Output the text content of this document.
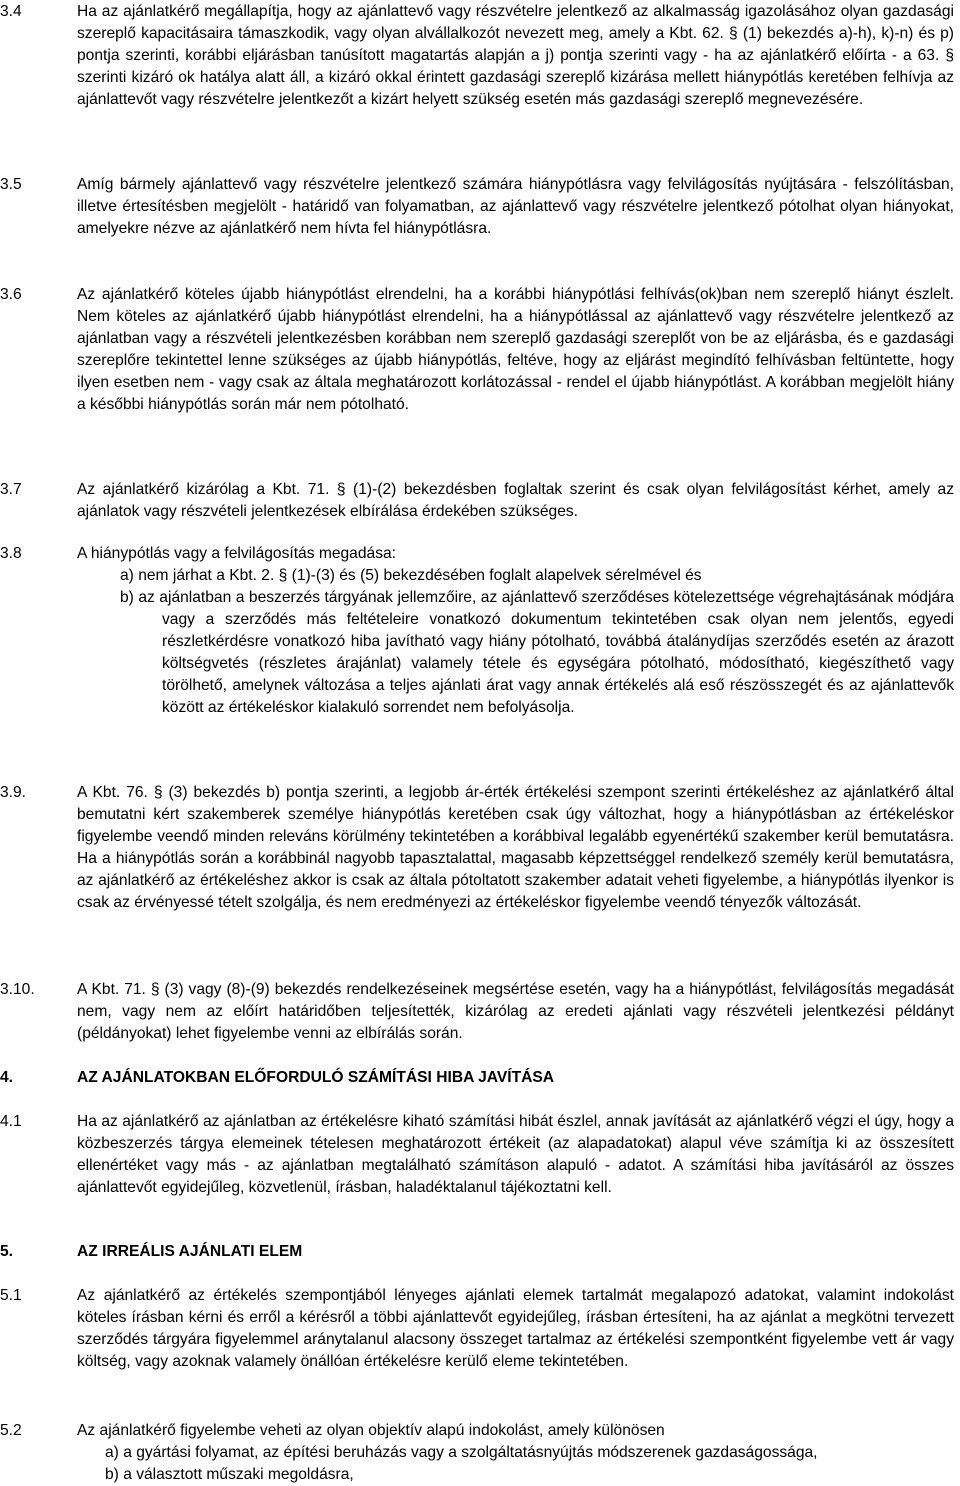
3.4	Ha az ajánlatkérő megállapítja, hogy az ajánlattevő vagy részvételre jelentkező az alkalmasság igazolásához olyan gazdasági szereplő kapacitásaira támaszkodik, vagy olyan alvállalkozót nevezett meg, amely a Kbt. 62. § (1) bekezdés a)-h), k)-n) és p) pontja szerinti, korábbi eljárásban tanúsított magatartás alapján a j) pontja szerinti vagy - ha az ajánlatkérő előírta - a 63. § szerinti kizáró ok hatálya alatt áll, a kizáró okkal érintett gazdasági szereplő kizárása mellett hiánypótlás keretében felhívja az ajánlattevőt vagy részvételre jelentkezőt a kizárt helyett szükség esetén más gazdasági szereplő megnevezésére.
3.5	Amíg bármely ajánlattevő vagy részvételre jelentkező számára hiánypótlásra vagy felvilágosítás nyújtására - felszólításban, illetve értesítésben megjelölt - határidő van folyamatban, az ajánlattevő vagy részvételre jelentkező pótolhat olyan hiányokat, amelyekre nézve az ajánlatkérő nem hívta fel hiánypótlásra.
3.6	Az ajánlatkérő köteles újabb hiánypótlást elrendelni, ha a korábbi hiánypótlási felhívás(ok)ban nem szereplő hiányt észlelt. Nem köteles az ajánlatkérő újabb hiánypótlást elrendelni, ha a hiánypótlással az ajánlattevő vagy részvételre jelentkező az ajánlatban vagy a részvételi jelentkezésben korábban nem szereplő gazdasági szereplőt von be az eljárásba, és e gazdasági szereplőre tekintettel lenne szükséges az újabb hiánypótlás, feltéve, hogy az eljárást megindító felhívásban feltüntette, hogy ilyen esetben nem - vagy csak az általa meghatározott korlátozással - rendel el újabb hiánypótlást. A korábban megjelölt hiány a későbbi hiánypótlás során már nem pótolható.
3.7	Az ajánlatkérő kizárólag a Kbt. 71. § (1)-(2) bekezdésben foglaltak szerint és csak olyan felvilágosítást kérhet, amely az ajánlatok vagy részvételi jelentkezések elbírálása érdekében szükséges.
3.8	A hiánypótlás vagy a felvilágosítás megadása:
a) nem járhat a Kbt. 2. § (1)-(3) és (5) bekezdésében foglalt alapelvek sérelmével és
b) az ajánlatban a beszerzés tárgyának jellemzőire, az ajánlattevő szerződéses kötelezettsége végrehajtásának módjára vagy a szerződés más feltételeire vonatkozó dokumentum tekintetében csak olyan nem jelentős, egyedi részletkérdésre vonatkozó hiba javítható vagy hiány pótolható, továbbá átalánydíjas szerződés esetén az árazott költségvetés (részletes árajánlat) valamely tétele és egységára pótolható, módosítható, kiegészíthető vagy törölhető, amelynek változása a teljes ajánlati árat vagy annak értékelés alá eső részösszegét és az ajánlattevők között az értékeléskor kialakuló sorrendet nem befolyásolja.
3.9.	A Kbt. 76. § (3) bekezdés b) pontja szerinti, a legjobb ár-érték értékelési szempont szerinti értékeléshez az ajánlatkérő által bemutatni kért szakemberek személye hiánypótlás keretében csak úgy változhat, hogy a hiánypótlásban az értékeléskor figyelembe veendő minden releváns körülmény tekintetében a korábbival legalább egyenértékű szakember kerül bemutatásra. Ha a hiánypótlás során a korábbinál nagyobb tapasztalattal, magasabb képzettséggel rendelkező személy kerül bemutatásra, az ajánlatkérő az értékeléshez akkor is csak az általa pótoltatott szakember adatait veheti figyelembe, a hiánypótlás ilyenkor is csak az érvényessé tételt szolgálja, és nem eredményezi az értékeléskor figyelembe veendő tényezők változását.
3.10.	A Kbt. 71. § (3) vagy (8)-(9) bekezdés rendelkezéseinek megsértése esetén, vagy ha a hiánypótlást, felvilágosítás megadását nem, vagy nem az előírt határidőben teljesítették, kizárólag az eredeti ajánlati vagy részvételi jelentkezési példányt (példányokat) lehet figyelembe venni az elbírálás során.
4.	AZ AJÁNLATOKBAN ELŐFORDULÓ SZÁMÍTÁSI HIBA JAVÍTÁSA
4.1	Ha az ajánlatkérő az ajánlatban az értékelésre kiható számítási hibát észlel, annak javítását az ajánlatkérő végzi el úgy, hogy a közbeszerzés tárgya elemeinek tételesen meghatározott értékeit (az alapadatokat) alapul véve számítja ki az összesített ellenértéket vagy más - az ajánlatban megtalálható számításon alapuló - adatot. A számítási hiba javításáról az összes ajánlattevőt egyidejűleg, közvetlenül, írásban, haladéktalanul tájékoztatni kell.
5.	AZ IRREÁLIS AJÁNLATI ELEM
5.1	Az ajánlatkérő az értékelés szempontjából lényeges ajánlati elemek tartalmát megalapozó adatokat, valamint indokolást köteles írásban kérni és erről a kérésről a többi ajánlattevőt egyidejűleg, írásban értesíteni, ha az ajánlat a megkötni tervezett szerződés tárgyára figyelemmel aránytalanul alacsony összeget tartalmaz az értékelési szempontként figyelembe vett ár vagy költség, vagy azoknak valamely önállóan értékelésre kerülő eleme tekintetében.
5.2	Az ajánlatkérő figyelembe veheti az olyan objektív alapú indokolást, amely különösen
a) a gyártási folyamat, az építési beruházás vagy a szolgáltatásnyújtás módszerenek gazdaságossága,
b) a választott műszaki megoldásra,
